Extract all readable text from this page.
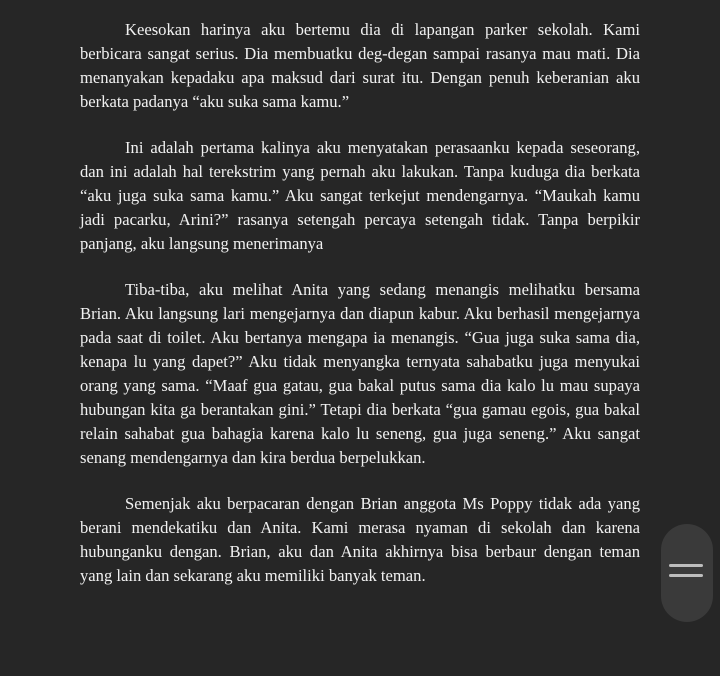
Keesokan harinya aku bertemu dia di lapangan parker sekolah. Kami berbicara sangat serius. Dia membuatku deg-degan sampai rasanya mau mati. Dia menanyakan kepadaku apa maksud dari surat itu. Dengan penuh keberanian aku berkata padanya “aku suka sama kamu.”

Ini adalah pertama kalinya aku menyatakan perasaanku kepada seseorang, dan ini adalah hal terekstrim yang pernah aku lakukan. Tanpa kuduga dia berkata “aku juga suka sama kamu.” Aku sangat terkejut mendengarnya. “Maukah kamu jadi pacarku, Arini?” rasanya setengah percaya setengah tidak. Tanpa berpikir panjang, aku langsung menerimanya

Tiba-tiba, aku melihat Anita yang sedang menangis melihatku bersama Brian. Aku langsung lari mengejarnya dan diapun kabur. Aku berhasil mengejarnya pada saat di toilet. Aku bertanya mengapa ia menangis. “Gua juga suka sama dia, kenapa lu yang dapet?” Aku tidak menyangka ternyata sahabatku juga menyukai orang yang sama. “Maaf gua gatau, gua bakal putus sama dia kalo lu mau supaya hubungan kita ga berantakan gini.” Tetapi dia berkata “gua gamau egois, gua bakal relain sahabat gua bahagia karena kalo lu seneng, gua juga seneng.” Aku sangat senang mendengarnya dan kira berdua berpelukkan.

Semenjak aku berpacaran dengan Brian anggota Ms Poppy tidak ada yang berani mendekatiku dan Anita. Kami merasa nyaman di sekolah dan karena hubunganku dengan. Brian, aku dan Anita akhirnya bisa berbaur dengan teman yang lain dan sekarang aku memiliki banyak teman.
